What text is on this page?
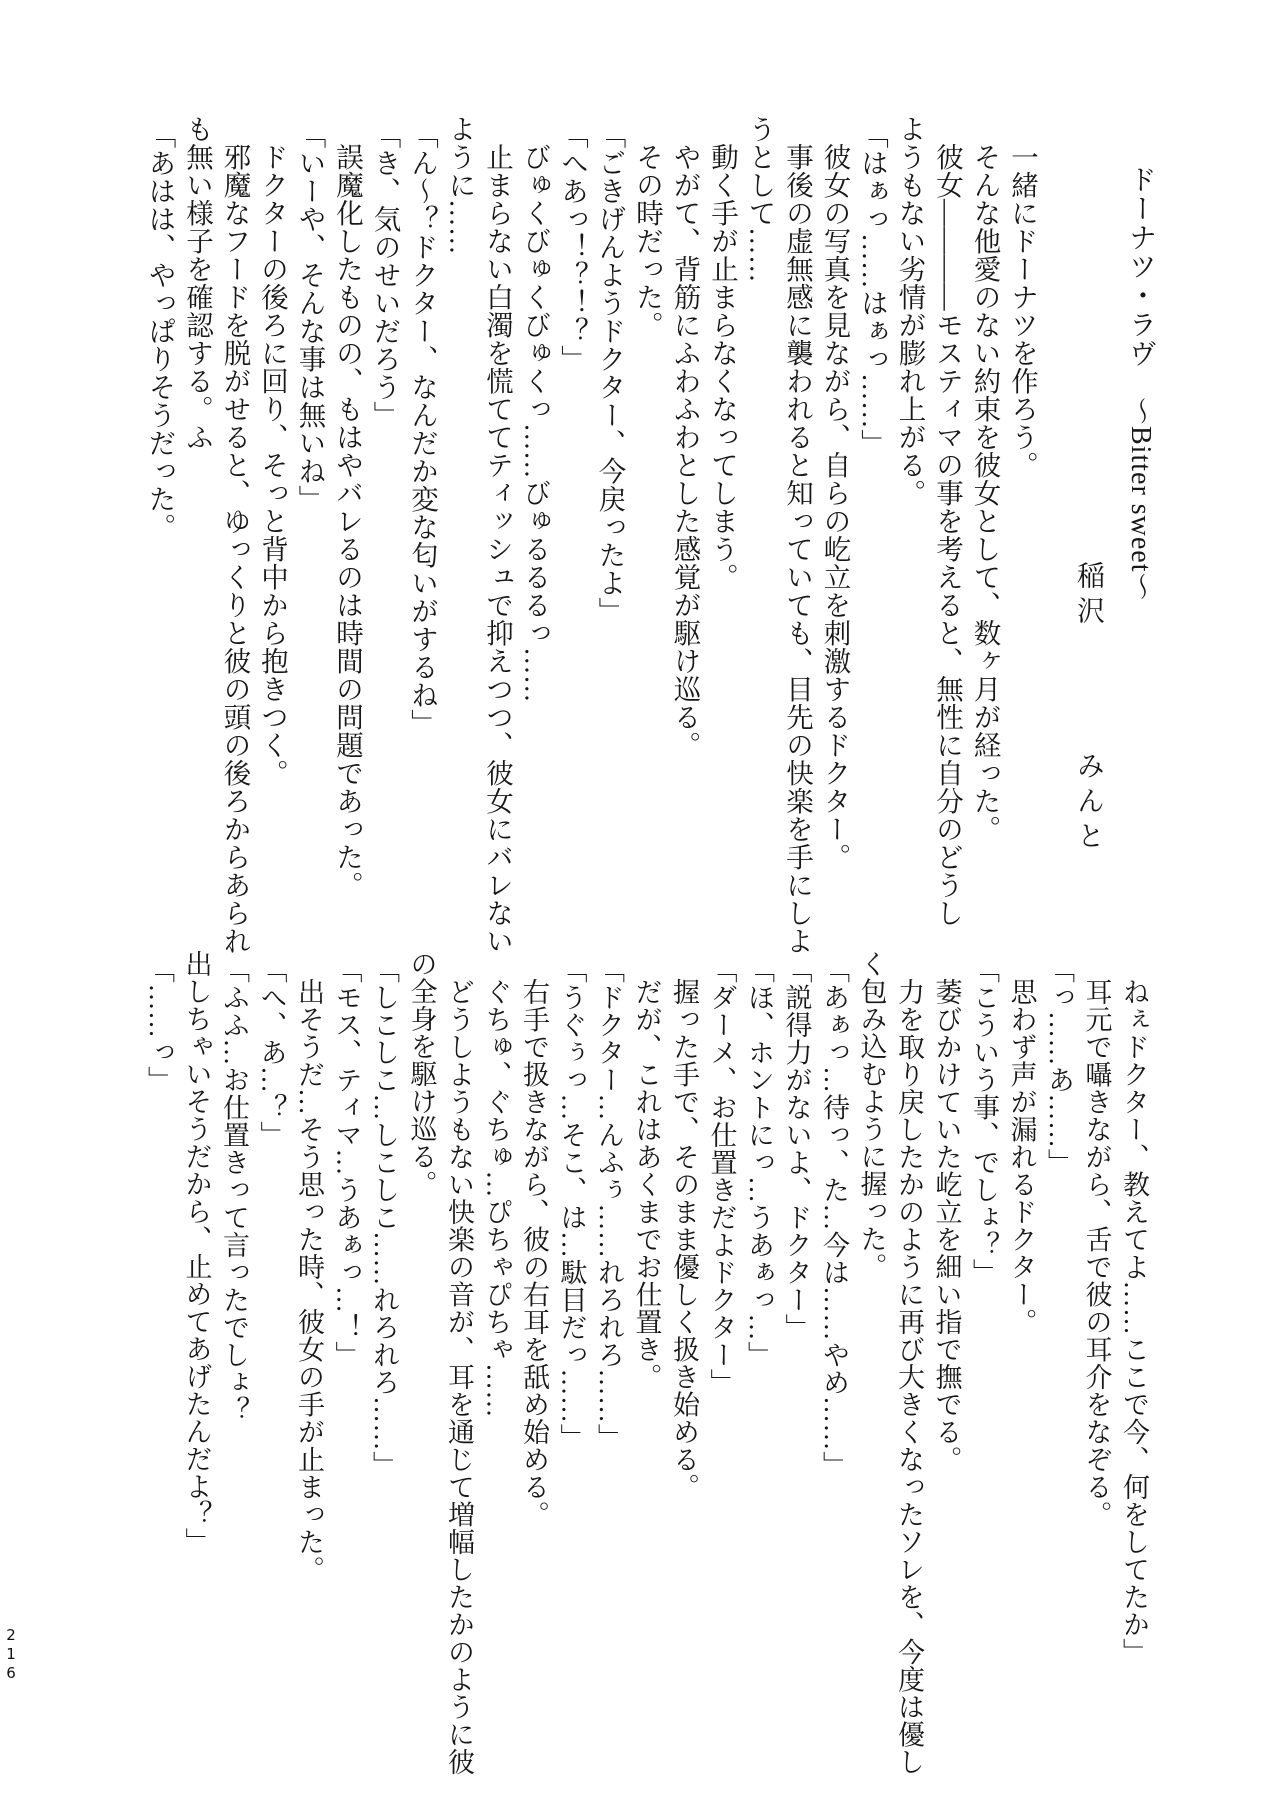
ドーナツ・ラヴ　～Bitter sweet～
稲沢みんと
一緒にドーナツを作ろう。
そんな他愛のない約束を彼女として、数ヶ月が経った。
彼女――――モスティマの事を考えると、無性に自分のどうし
ようもない劣情が膨れ上がる。
「はぁっ……はぁっ……」
彼女の写真を見ながら、自らの屹立を刺激するドクター。
事後の虚無感に襲われると知っていても、目先の快楽を手にしよ
うとして……
動く手が止まらなくなってしまう。
やがて、背筋にふわふわとした感覚が駆け巡る。
その時だった。
「ごきげんようドクター、今戻ったよ」
「へあっ！？！？」
びゅくびゅくびゅくっ……びゅるるるっ……
止まらない白濁を慌ててティッシュで抑えつつ、彼女にバレない
ように……
「ん～？ドクター、なんだか変な匂いがするね」
「き、気のせいだろう」
誤魔化したものの、もはやバレるのは時間の問題であった。
「いーや、そんな事は無いね」
ドクターの後ろに回り、そっと背中から抱きつく。
邪魔なフードを脱がせると、ゆっくりと彼の頭の後ろからあられ
も無い様子を確認する。ふ
「あはは、やっぱりそうだった。
ねぇドクター、教えてよ……ここで今、何をしてたか」
耳元で囁きながら、舌で彼の耳介をなぞる。
「っ……あ……」
思わず声が漏れるドクター。
「こういう事、でしょ？」
萎びかけていた屹立を細い指で撫でる。
力を取り戻したかのように再び大きくなったソレを、今度は優し
く包み込むように握った。
「あぁっ…待っ、た…今は……やめ……」
「説得力がないよ、ドクター」
「ほ、ホントにっ…うあぁっ…」
「ダーメ、お仕置きだよドクター」
握った手で、そのまま優しく扱き始める。
だが、これはあくまでお仕置き。
「ドクター…んふぅ……れろれろ……」
「うぐぅっ…そこ、は…駄目だっ……」
右手で扱きながら、彼の右耳を舐め始める。
ぐちゅ、ぐちゅ…ぴちゃぴちゃ……
どうしようもない快楽の音が、耳を通じて増幅したかのように彼
の全身を駆け巡る。
「しこしこ…しこしこ……れろれろ……」
「モス、ティマ…うあぁっ…！」
出そうだ…そう思った時、彼女の手が止まった。
「へ、あ…？」
「ふふ…お仕置きって言ったでしょ？
出しちゃいそうだから、止めてあげたんだよ？」
「……っ」
216
